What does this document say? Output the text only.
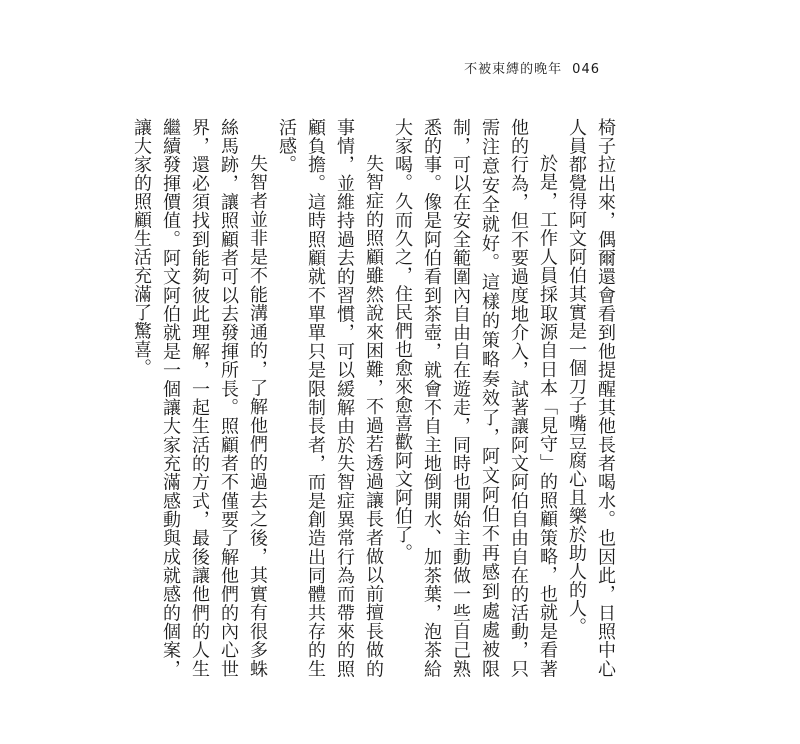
不被束縛的晚年 046

椅子拉出來，偶爾還會看到他提醒其他長者喝水。也因此，日照中心人員都覺得阿文阿伯其實是一個刀子嘴豆腐心且樂於助人的人。

於是，工作人員採取源自日本「見守」的照顧策略，也就是看著他的行為，但不要過度地介入，試著讓阿文阿伯自由自在的活動，只需注意安全就好。這樣的策略奏效了，阿文阿伯不再感到處處被限制，可以在安全範圍內自由自在遊走，同時也開始主動做一些自己熟悉的事。像是阿伯看到茶壺，就會不自主地倒開水、加茶葉，泡茶給大家喝。久而久之，住民們也愈來愈喜歡阿文阿伯了。

失智症的照顧雖然說來困難，不過若透過讓長者做以前擅長做的事情，並維持過去的習慣，可以緩解由於失智症異常行為而帶來的照顧負擔。這時照顧就不單單只是限制長者，而是創造出同體共存的生活感。

失智者並非是不能溝通的，了解他們的過去之後，其實有很多蛛絲馬跡，讓照顧者可以去發揮所長。照顧者不僅要了解他們的內心世界，還必須找到能夠彼此理解，一起生活的方式，最後讓他們的人生繼續發揮價值。阿文阿伯就是一個讓大家充滿感動與成就感的個案，讓大家的照顧生活充滿了驚喜。
